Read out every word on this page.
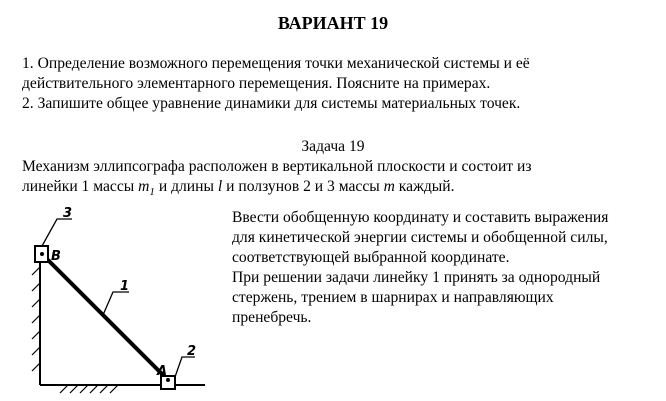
ВАРИАНТ 19
1. Определение возможного перемещения точки механической системы и её
действительного элементарного перемещения. Поясните на примерах.
2. Запишите общее уравнение динамики для системы материальных точек.
Задача 19
Механизм эллипсографа расположен в вертикальной плоскости и состоит из
линейки 1 массы $m_1$ и длины l и ползунов 2 и 3 массы m каждый.
Ввести обобщенную координату и составить выражения
для кинетической энергии системы и обобщенной силы,
соответствующей выбранной координате.
При решении задачи линейку 1 принять за однородный
стержень, трением в шарнирах и направляющих
пренебречь.
3
B
1
2
A
